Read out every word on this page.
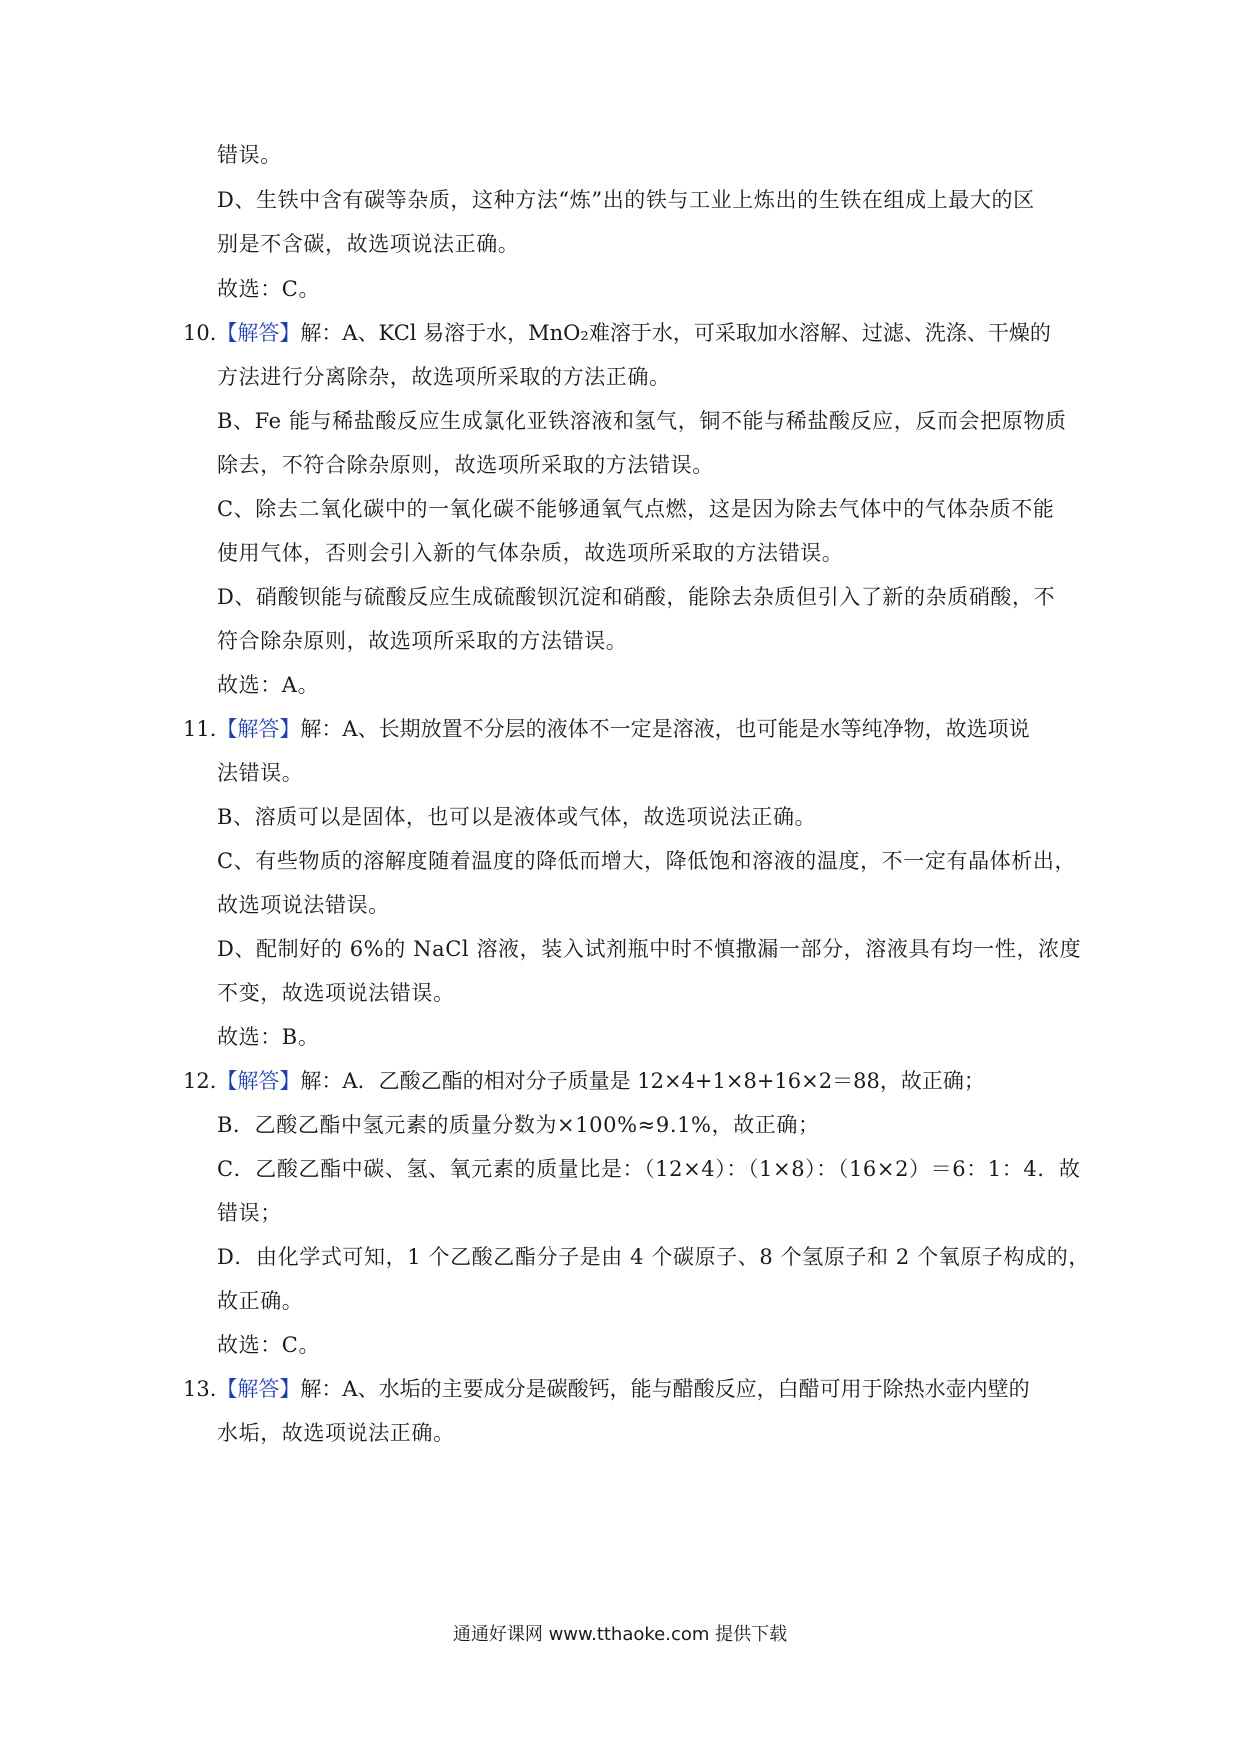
错误。
D、生铁中含有碳等杂质，这种方法“炼”出的铁与工业上炼出的生铁在组成上最大的区
别是不含碳，故选项说法正确。
故选：C。
10.【解答】解：A、KCl 易溶于水，MnO₂难溶于水，可采取加水溶解、过滤、洗涤、干燥的
方法进行分离除杂，故选项所采取的方法正确。
B、Fe 能与稀盐酸反应生成氯化亚铁溶液和氢气，铜不能与稀盐酸反应，反而会把原物质
除去，不符合除杂原则，故选项所采取的方法错误。
C、除去二氧化碳中的一氧化碳不能够通氧气点燃，这是因为除去气体中的气体杂质不能
使用气体，否则会引入新的气体杂质，故选项所采取的方法错误。
D、硝酸钡能与硫酸反应生成硫酸钡沉淀和硝酸，能除去杂质但引入了新的杂质硝酸，不
符合除杂原则，故选项所采取的方法错误。
故选：A。
11.【解答】解：A、长期放置不分层的液体不一定是溶液，也可能是水等纯净物，故选项说
法错误。
B、溶质可以是固体，也可以是液体或气体，故选项说法正确。
C、有些物质的溶解度随着温度的降低而增大，降低饱和溶液的温度，不一定有晶体析出，
故选项说法错误。
D、配制好的 6%的 NaCl 溶液，装入试剂瓶中时不慎撒漏一部分，溶液具有均一性，浓度
不变，故选项说法错误。
故选：B。
12.【解答】解：A．乙酸乙酯的相对分子质量是 12×4+1×8+16×2＝88，故正确；
B．乙酸乙酯中氢元素的质量分数为×100%≈9.1%，故正确；
C．乙酸乙酯中碳、氢、氧元素的质量比是：（12×4）：（1×8）：（16×2）＝6：1：4．故
错误；
D．由化学式可知，1 个乙酸乙酯分子是由 4 个碳原子、8 个氢原子和 2 个氧原子构成的，
故正确。
故选：C。
13.【解答】解：A、水垢的主要成分是碳酸钙，能与醋酸反应，白醋可用于除热水壶内壁的
水垢，故选项说法正确。
通通好课网 www.tthaoke.com 提供下载
